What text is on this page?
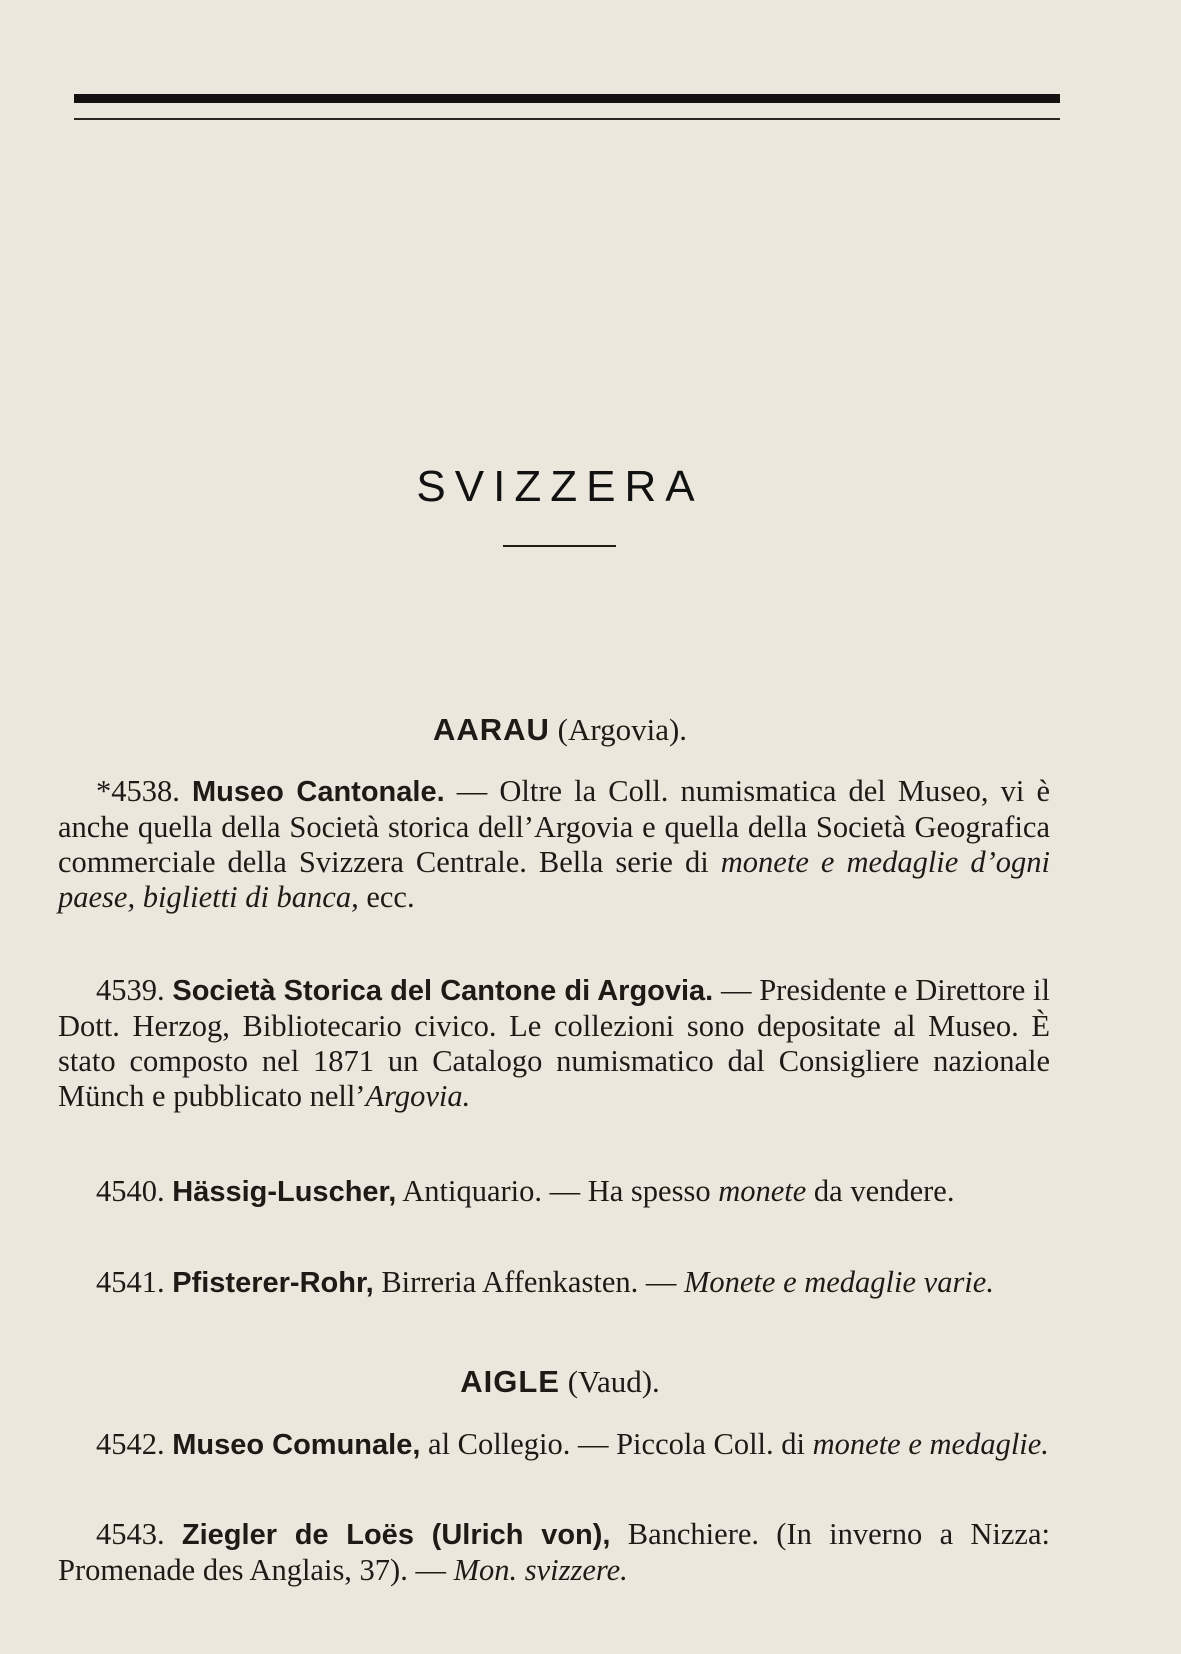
SVIZZERA
AARAU (Argovia).
*4538. Museo Cantonale. — Oltre la Coll. numismatica del Museo, vi è anche quella della Società storica dell’Argovia e quella della Società Geografica commerciale della Svizzera Centrale. Bella serie di monete e medaglie d’ogni paese, biglietti di banca, ecc.
4539. Società Storica del Cantone di Argovia. — Presidente e Direttore il Dott. Herzog, Bibliotecario civico. Le collezioni sono depositate al Museo. È stato composto nel 1871 un Catalogo numismatico dal Consigliere nazionale Münch e pubblicato nell’Argovia.
4540. Hässig-Luscher, Antiquario. — Ha spesso monete da vendere.
4541. Pfisterer-Rohr, Birreria Affenkasten. — Monete e medaglie varie.
AIGLE (Vaud).
4542. Museo Comunale, al Collegio. — Piccola Coll. di monete e medaglie.
4543. Ziegler de Loës (Ulrich von), Banchiere. (In inverno a Nizza: Promenade des Anglais, 37). — Mon. svizzere.
